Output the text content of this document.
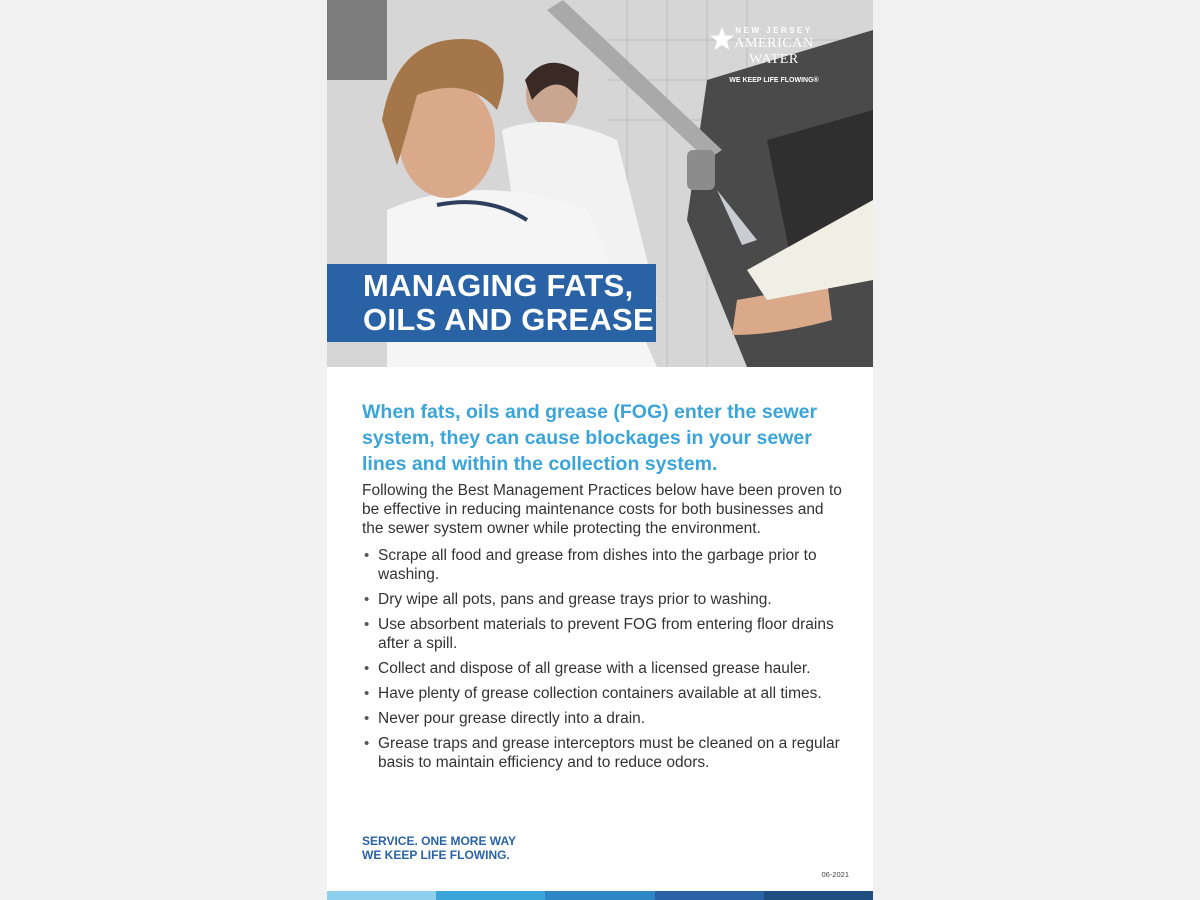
NEW JERSEY
AMERICAN WATER
WE KEEP LIFE FLOWING®
MANAGING FATS,
OILS AND GREASE

When fats, oils and grease (FOG) enter the sewer system, they can cause blockages in your sewer lines and within the collection system.

Following the Best Management Practices below have been proven to be effective in reducing maintenance costs for both businesses and the sewer system owner while protecting the environment.

• Scrape all food and grease from dishes into the garbage prior to washing.
• Dry wipe all pots, pans and grease trays prior to washing.
• Use absorbent materials to prevent FOG from entering floor drains after a spill.
• Collect and dispose of all grease with a licensed grease hauler.
• Have plenty of grease collection containers available at all times.
• Never pour grease directly into a drain.
• Grease traps and grease interceptors must be cleaned on a regular basis to maintain efficiency and to reduce odors.
SERVICE. ONE MORE WAY
WE KEEP LIFE FLOWING.
06-2021
